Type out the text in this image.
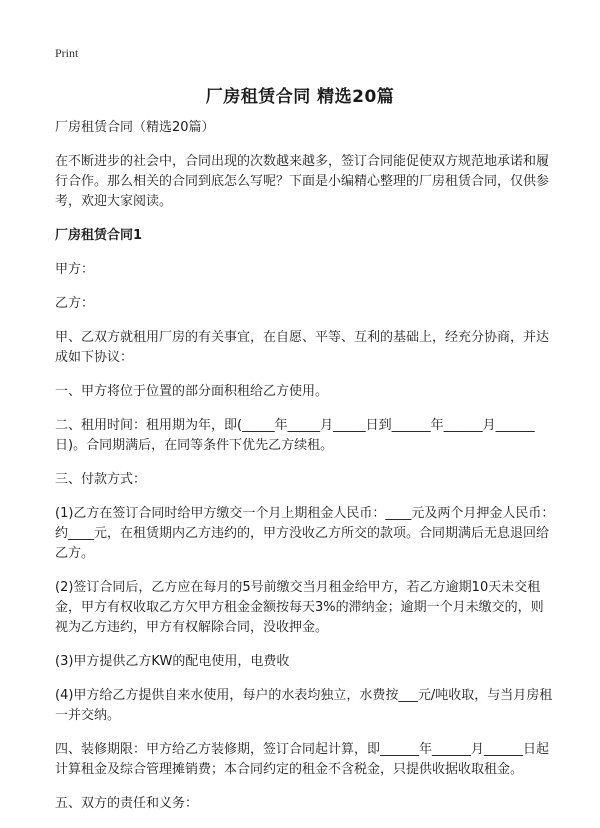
Print
厂房租赁合同 精选20篇

厂房租赁合同（精选20篇）

在不断进步的社会中，合同出现的次数越来越多，签订合同能促使双方规范地承诺和履行合作。那么相关的合同到底怎么写呢？下面是小编精心整理的厂房租赁合同，仅供参考，欢迎大家阅读。

厂房租赁合同1

甲方：

乙方：

甲、乙双方就租用厂房的有关事宜，在自愿、平等、互利的基础上，经充分协商，并达成如下协议：

一、甲方将位于位置的部分面积租给乙方使用。

二、租用时间：租用期为年，即(_____年_____月_____日到______年______月______日)。合同期满后，在同等条件下优先乙方续租。

三、付款方式：

(1)乙方在签订合同时给甲方缴交一个月上期租金人民币：____元及两个月押金人民币：约____元，在租赁期内乙方违约的，甲方没收乙方所交的款项。合同期满后无息退回给乙方。

(2)签订合同后，乙方应在每月的5号前缴交当月租金给甲方，若乙方逾期10天未交租金，甲方有权收取乙方欠甲方租金金额按每天3%的滞纳金；逾期一个月未缴交的，则视为乙方违约，甲方有权解除合同，没收押金。

(3)甲方提供乙方KW的配电使用，电费收

(4)甲方给乙方提供自来水使用，每户的水表均独立，水费按___元/吨收取，与当月房租一并交纳。

四、装修期限：甲方给乙方装修期，签订合同起计算，即______年______月______日起计算租金及综合管理摊销费；本合同约定的租金不含税金，只提供收据收取租金。

五、双方的责任和义务：
